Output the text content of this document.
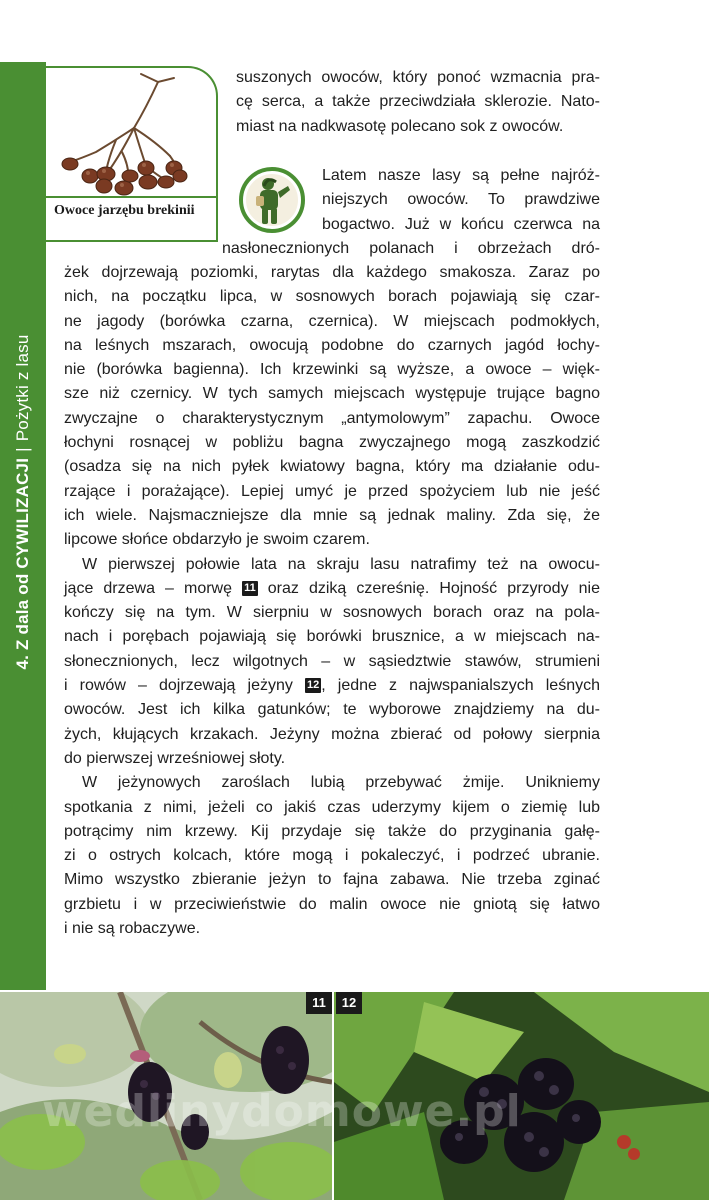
4. Z dala od CYWILIZACJI|Pożytki z lasu
Owoce jarzębu brekinii

suszonych owoców, który ponoć wzmacnia pra-

cę serca, a także przeciwdziała sklerozie. Nato-

miast na nadkwasotę polecano sok z owoców.

Latem nasze lasy są pełne najróż-

niejszych owoców. To prawdziwe

bogactwo. Już w końcu czerwca na

nasłonecznionych polanach i obrzeżach dró-

żek dojrzewają poziomki, rarytas dla każdego smakosza. Zaraz po

nich, na początku lipca, w sosnowych borach pojawiają się czar-

ne jagody (borówka czarna, czernica). W miejscach podmokłych,

na leśnych mszarach, owocują podobne do czarnych jagód łochy-

nie (borówka bagienna). Ich krzewinki są wyższe, a owoce – więk-

sze niż czernicy. W tych samych miejscach występuje trujące bagno

zwyczajne o charakterystycznym „antymolowym” zapachu. Owoce

łochyni rosnącej w pobliżu bagna zwyczajnego mogą zaszkodzić

(osadza się na nich pyłek kwiatowy bagna, który ma działanie odu-

rzające i porażające). Lepiej umyć je przed spożyciem lub nie jeść

ich wiele. Najsmaczniejsze dla mnie są jednak maliny. Zda się, że

lipcowe słońce obdarzyło je swoim czarem.

W pierwszej połowie lata na skraju lasu natrafimy też na owocu-

jące drzewa – morwę 11 oraz dziką czereśnię. Hojność przyrody nie

kończy się na tym. W sierpniu w sosnowych borach oraz na pola-

nach i porębach pojawiają się borówki brusznice, a w miejscach na-

słonecznionych, lecz wilgotnych – w sąsiedztwie stawów, strumieni

i rowów – dojrzewają jeżyny 12 , jedne z najwspanialszych leśnych

owoców. Jest ich kilka gatunków; te wyborowe znajdziemy na du-

żych, kłujących krzakach. Jeżyny można zbierać od połowy sierpnia

do pierwszej wrześniowej słoty.

W jeżynowych zaroślach lubią przebywać żmije. Unikniemy

spotkania z nimi, jeżeli co jakiś czas uderzymy kijem o ziemię lub

potrącimy nim krzewy. Kij przydaje się także do przyginania gałę-

zi o ostrych kolcach, które mogą i pokaleczyć, i podrzeć ubranie.

Mimo wszystko zbieranie jeżyn to fajna zabawa. Nie trzeba zginać

grzbietu i w przeciwieństwie do malin owoce nie gniotą się łatwo

i nie są robaczywe.

11	12
wedlinydomowe.pl
